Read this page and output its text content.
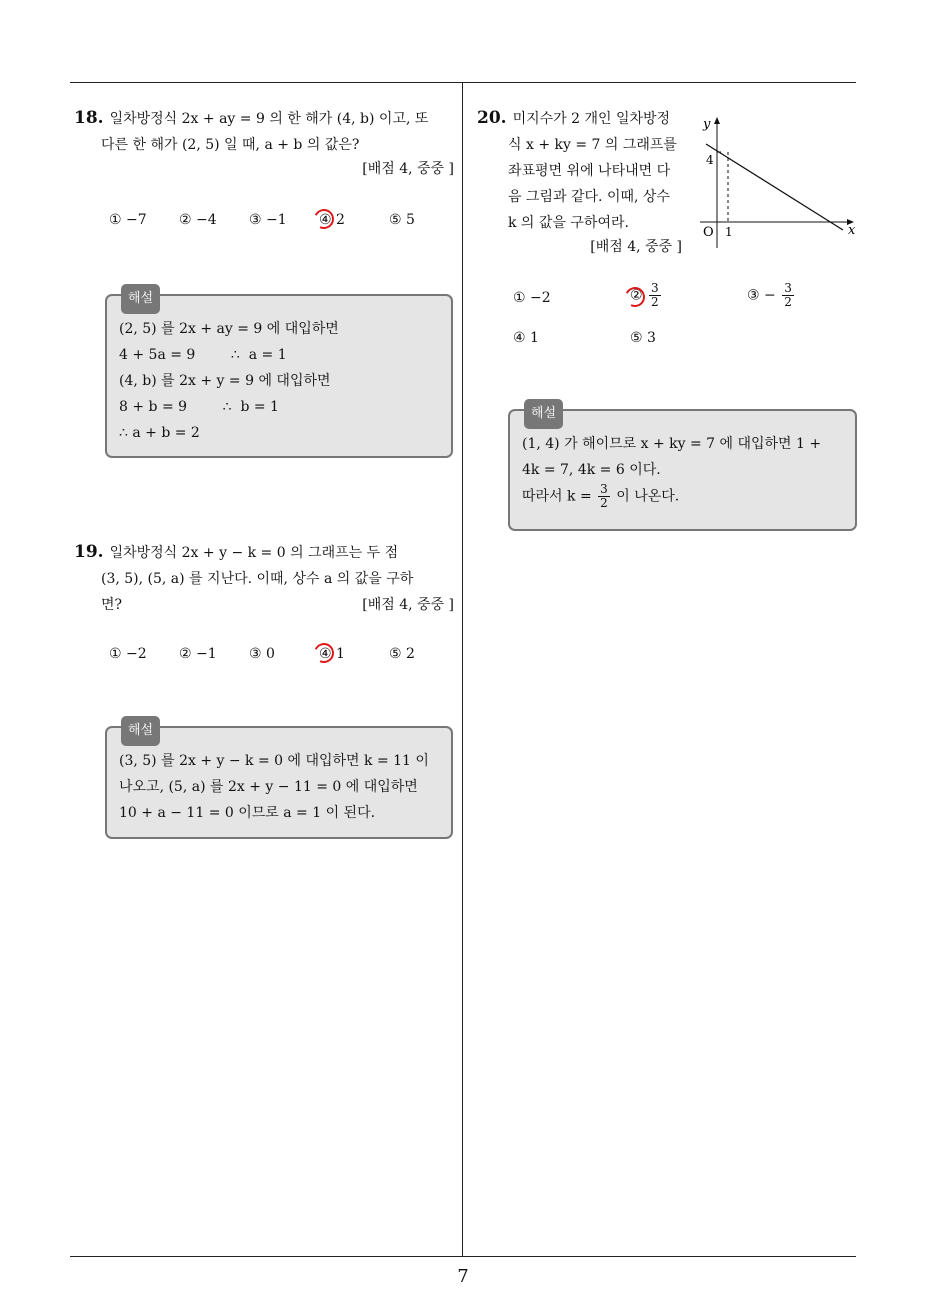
18. 일차방정식 2x + ay = 9 의 한 해가 (4, b) 이고, 또
다른 한 해가 (2, 5) 일 때, a + b 의 값은?
[배점 4, 중중 ]
① −7 ② −4 ③ −1 ④ 2	⑤ 5
해설
(2, 5) 를 2x + ay = 9 에 대입하면
4 + 5a = 9        ∴  a = 1
(4, b) 를 2x + y = 9 에 대입하면
8 + b = 9        ∴  b = 1
∴ a + b = 2
19. 일차방정식 2x + y − k = 0 의 그래프는 두 점
(3, 5), (5, a) 를 지난다. 이때, 상수 a 의 값을 구하
면?	[배점 4, 중중 ]
① −2 ② −1 ③ 0	④ 1	⑤ 2
해설
(3, 5) 를 2x + y − k = 0 에 대입하면 k = 11 이
나오고, (5, a) 를 2x + y − 11 = 0 에 대입하면
10 + a − 11 = 0 이므로 a = 1 이 된다.
20. 미지수가 2 개인 일차방정
식 x + ky = 7 의 그래프를
좌표평면 위에 나타내면 다
음 그림과 같다. 이때, 상수
k 의 값을 구하여라.
[배점 4, 중중 ]
y
x
O
4
1
① −2	② $\frac{3}{2}$	③ − $\frac{3}{2}$
④ 1	⑤ 3
해설
(1, 4) 가 해이므로 x + ky = 7 에 대입하면 1 +
4k = 7, 4k = 6 이다.
따라서 $k = \frac{3}{2}$ 이 나온다.
7
